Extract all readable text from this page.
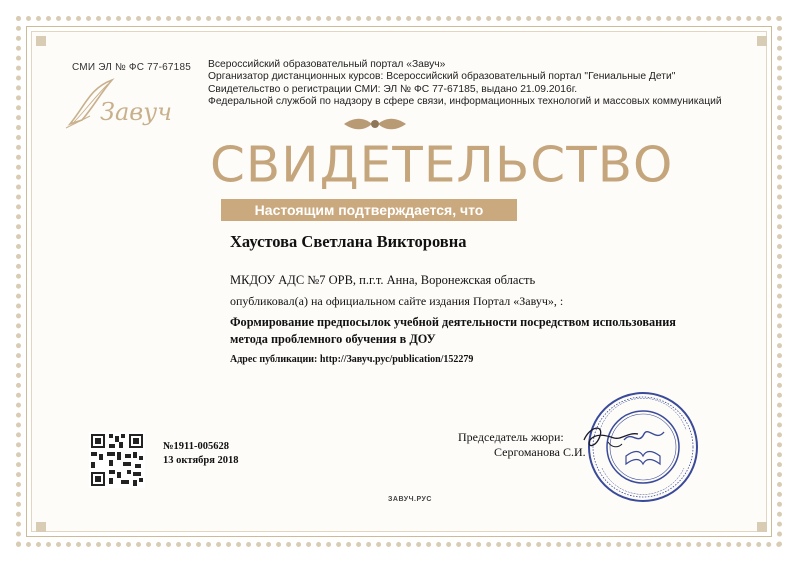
СМИ ЭЛ № ФС 77-67185
Завуч
Всероссийский образовательный портал «Завуч»
Организатор дистанционных курсов: Всероссийский образовательный портал "Гениальные Дети"
Свидетельство о регистрации СМИ: ЭЛ № ФС 77-67185, выдано 21.09.2016г.
Федеральной службой по надзору в сфере связи, информационных технологий и массовых коммуникаций
СВИДЕТЕЛЬСТВО
Настоящим подтверждается, что
Хаустова Светлана Викторовна
МКДОУ АДС №7 ОРВ, п.г.т. Анна, Воронежская область
опубликовал(а) на официальном сайте издания Портал «Завуч», :
Формирование предпосылок учебной деятельности посредством использования метода проблемного обучения в ДОУ
Адрес публикации: http://Завуч.рус/publication/152279
№1911-005628
13 октября 2018
Председатель жюри:
Сергоманова С.И.
ЗАВУЧ.РУС
